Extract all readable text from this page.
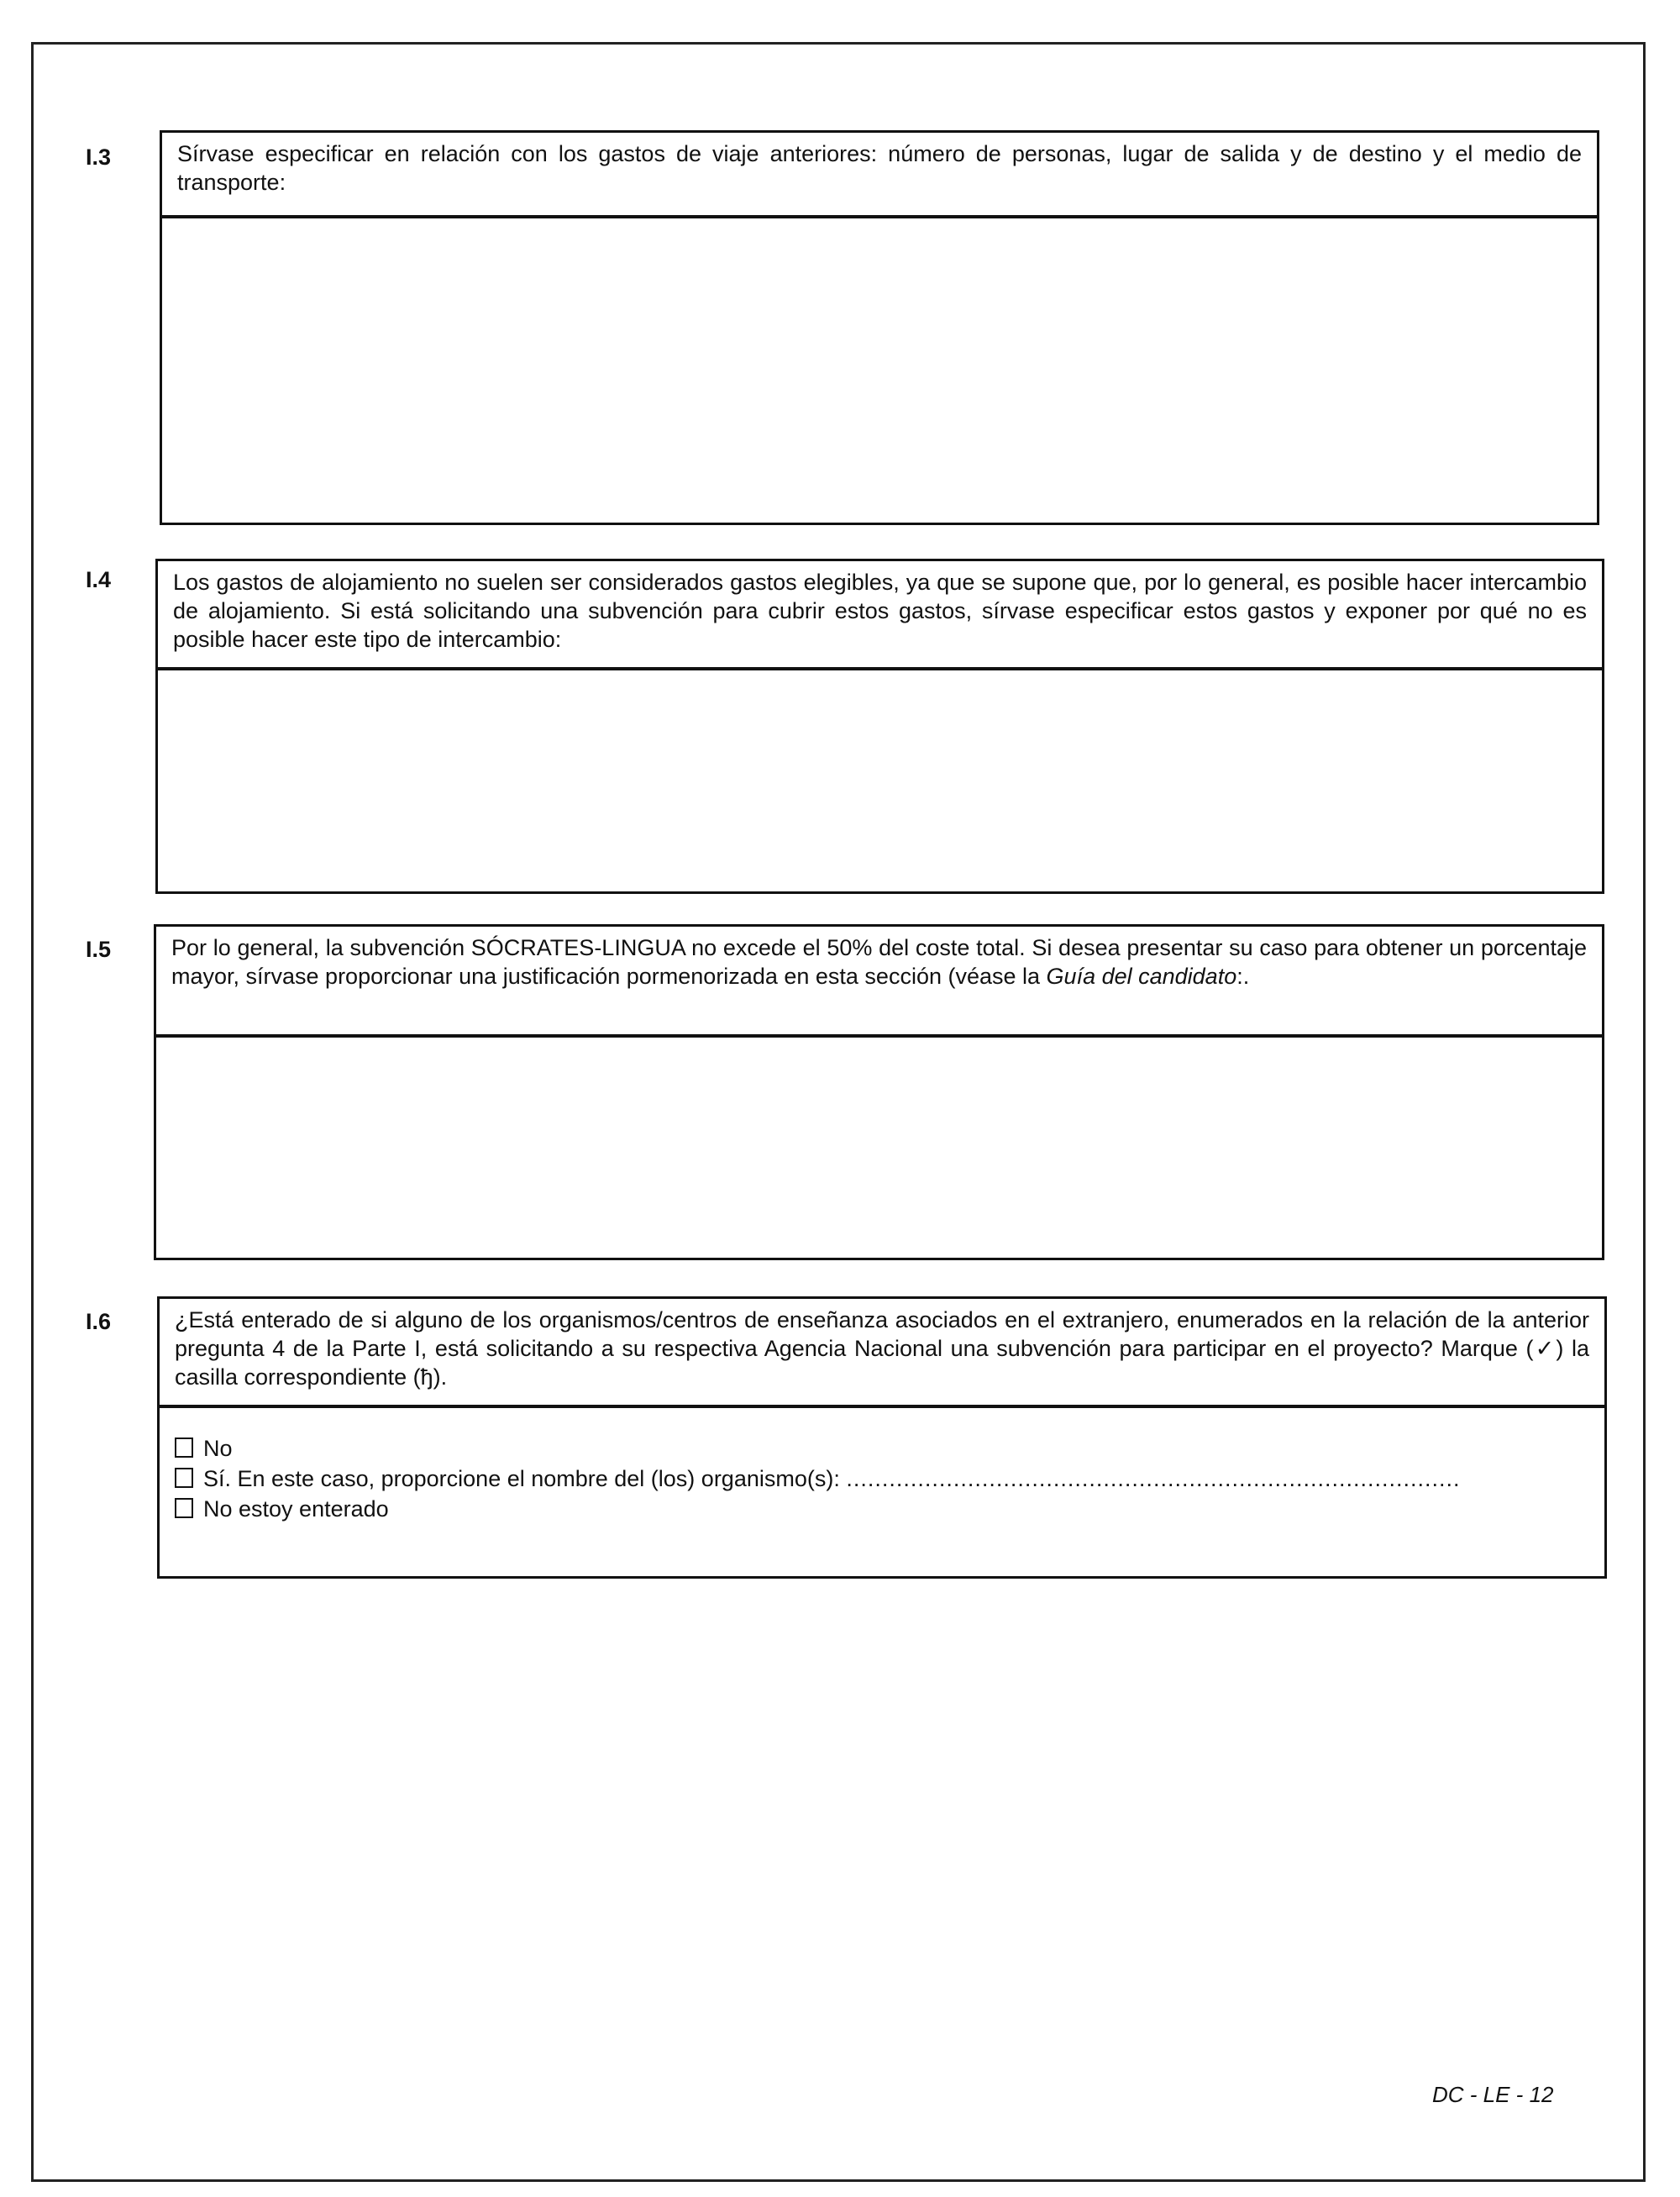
I.3	Sírvase especificar en relación con los gastos de viaje anteriores: número de personas, lugar de salida y de destino y el medio de transporte:
I.4	Los gastos de alojamiento no suelen ser considerados gastos elegibles, ya que se supone que, por lo general, es posible hacer intercambio de alojamiento. Si está solicitando una subvención para cubrir estos gastos, sírvase especificar estos gastos y exponer por qué no es posible hacer este tipo de intercambio:
I.5	Por lo general, la subvención SÓCRATES-LINGUA no excede el 50% del coste total. Si desea presentar su caso para obtener un porcentaje mayor, sírvase proporcionar una justificación pormenorizada en esta sección (véase la Guía del candidato:.
I.6	¿Está enterado de si alguno de los organismos/centros de enseñanza asociados en el extranjero, enumerados en la relación de la anterior pregunta 4 de la Parte I, está solicitando a su respectiva Agencia Nacional una subvención para participar en el proyecto? Marque (✓) la casilla correspondiente (ђ).
No
Sí. En este caso, proporcione el nombre del (los) organismo(s): ......................................................................................
No estoy enterado
DC - LE - 12
